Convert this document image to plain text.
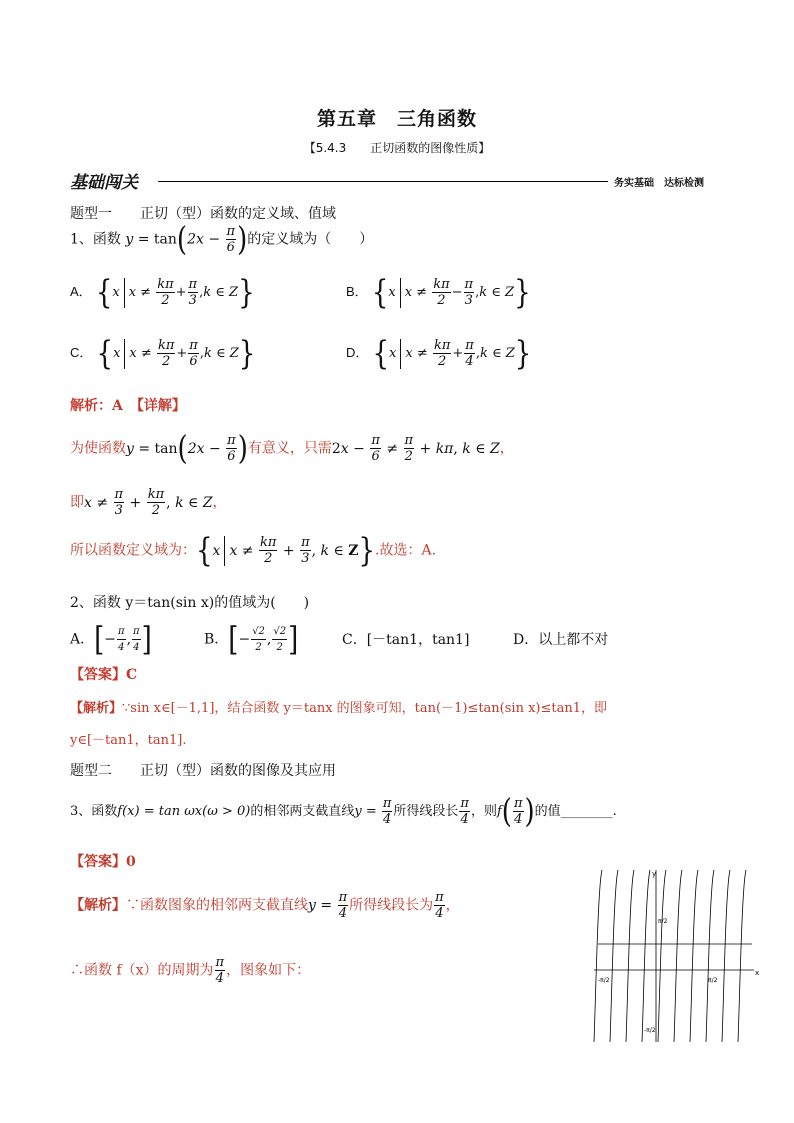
第五章　三角函数
【5.4.3　　正切函数的图像性质】
基础闯关	务实基础　达标检测
题型一　　正切（型）函数的定义域、值域
1、函数 $y = \tan(2x - \frac{\pi}{6}$ )的定义域为（　　）
A． {x $x \ne \frac{k\pi}{2} + \frac{\pi}{3} ,k$ ∈ Z}	B． {x $x \ne \frac{k\pi}{2} - \frac{\pi}{3} ,k$ ∈ Z}
C． {x $x \ne \frac{k\pi}{2} + \frac{\pi}{6} ,k$ ∈ Z}	D． {x $x \ne \frac{k\pi}{2} + \frac{\pi}{4} ,k$ ∈ Z}
解析：A　【详解】
为使函数$y = \tan(2x - \frac{\pi}{6}$ )有意义，只需$2x - \frac{\pi}{6} \ne \frac{\pi}{2} + k\pi$, k ∈ Z，
即$x \ne \frac{\pi}{3} + \frac{k\pi}{2}$ , k ∈ Z，
所以函数定义域为：{x $x \ne \frac{k\pi}{2} + \frac{\pi}{3}$ , k ∈ Z}.故选：A.
2、函数 y＝tan(sin x)的值域为(　　)
A．[− $\frac{\pi}{4}$ , $\frac{\pi}{4}$ ]	B．[− $\frac{√2}{2}$ , $\frac{√2}{2}$ ]	C．[－tan1，tan1]	D．以上都不对
【答案】C
【解析】∵sin x∈[－1,1]，结合函数 y＝tanx 的图象可知，tan(－1)≤tan(sin x)≤tan1，即
y∈[－tan1，tan1].
题型二　　正切（型）函数的图像及其应用
3、函数f(x) = tan ωx(ω > 0)的相邻两支截直线$y = \frac{\pi}{4}$ 所得线段长 $\frac{\pi}{4}$ ，则$f( \frac{\pi}{4}$ )的值________.
【答案】0
【解析】∵函数图象的相邻两支截直线$y = \frac{\pi}{4}$ 所得线段长为 $\frac{\pi}{4}$ ，
∴函数 f（x）的周期为 $\frac{\pi}{4}$ ，图象如下：
y
x
π/2
-π/2	π/2
-π/2
